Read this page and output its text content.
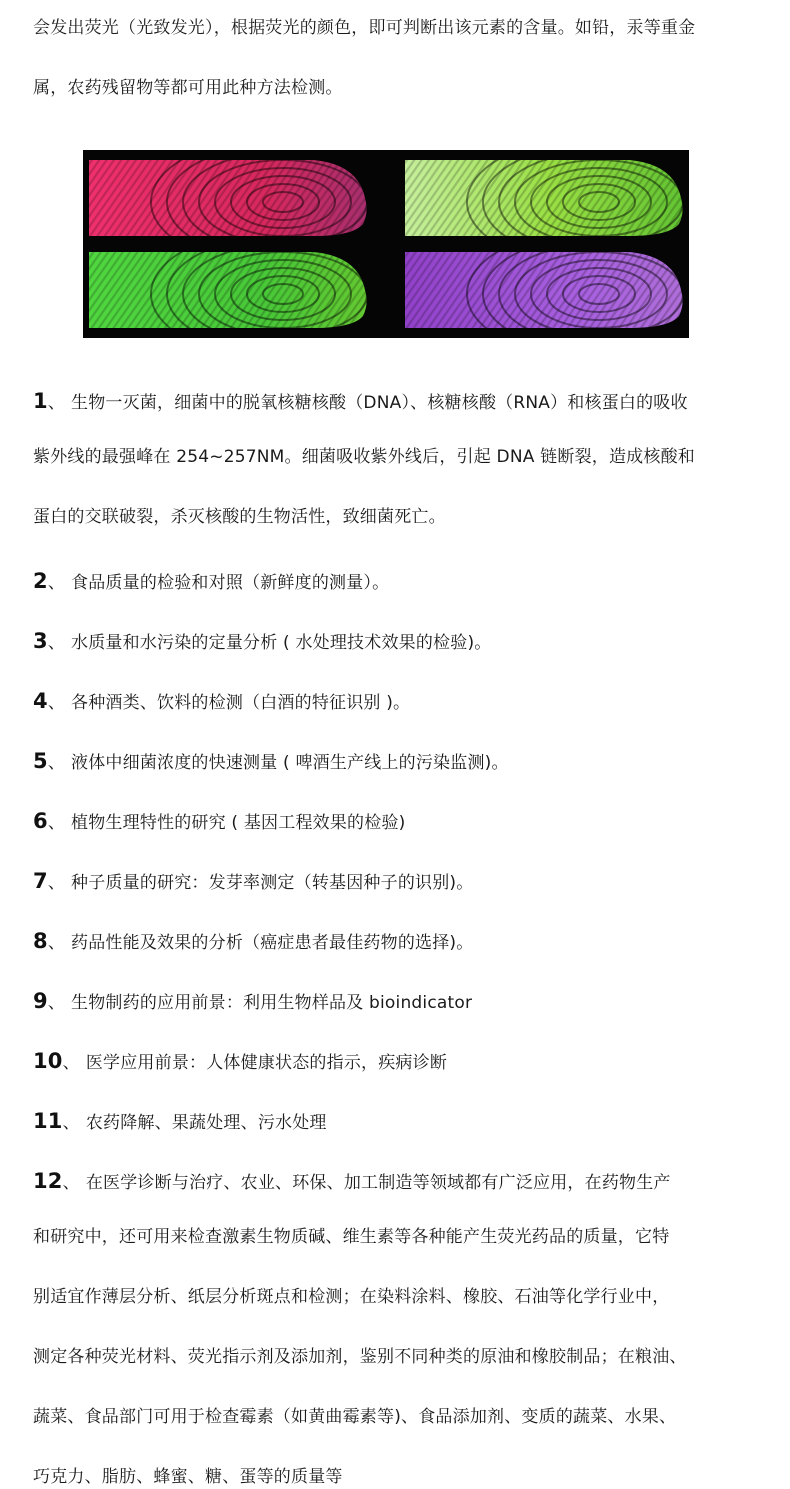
会发出荧光（光致发光），根据荧光的颜色，即可判断出该元素的含量。如铅，汞等重金
属，农药残留物等都可用此种方法检测。
1、 生物一灭菌，细菌中的脱氧核糖核酸（DNA）、核糖核酸（RNA）和核蛋白的吸收
紫外线的最强峰在 254~257NM。细菌吸收紫外线后，引起 DNA 链断裂，造成核酸和
蛋白的交联破裂，杀灭核酸的生物活性，致细菌死亡。
2、 食品质量的检验和对照（新鲜度的测量）。
3、 水质量和水污染的定量分析 ( 水处理技术效果的检验)。
4、 各种酒类、饮料的检测（白酒的特征识别 )。
5、 液体中细菌浓度的快速测量 ( 啤酒生产线上的污染监测)。
6、 植物生理特性的研究 ( 基因工程效果的检验)
7、 种子质量的研究：发芽率测定（转基因种子的识别)。
8、 药品性能及效果的分析（癌症患者最佳药物的选择)。
9、 生物制药的应用前景：利用生物样品及 bioindicator
10、 医学应用前景：人体健康状态的指示，疾病诊断
11、 农药降解、果蔬处理、污水处理
12、 在医学诊断与治疗、农业、环保、加工制造等领域都有广泛应用，在药物生产
和研究中，还可用来检查激素生物质碱、维生素等各种能产生荧光药品的质量，它特
别适宜作薄层分析、纸层分析斑点和检测；在染料涂料、橡胶、石油等化学行业中，
测定各种荧光材料、荧光指示剂及添加剂，鉴别不同种类的原油和橡胶制品；在粮油、
蔬菜、食品部门可用于检查霉素（如黄曲霉素等)、食品添加剂、变质的蔬菜、水果、
巧克力、脂肪、蜂蜜、糖、蛋等的质量等
